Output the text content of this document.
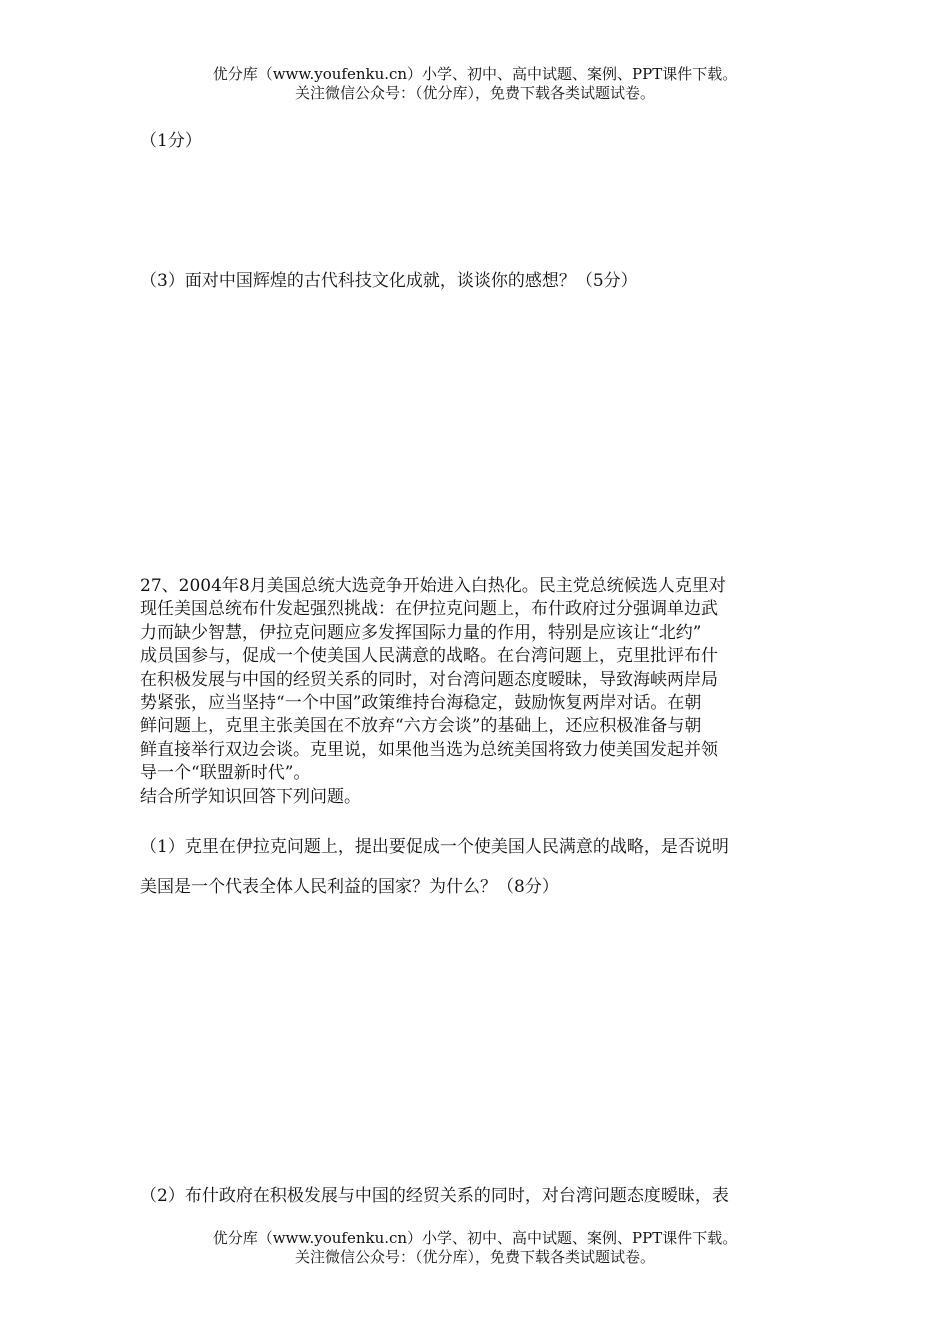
优分库（www.youfenku.cn）小学、初中、高中试题、案例、PPT课件下载。
关注微信公众号：（优分库），免费下载各类试题试卷。
（1分）
（3）面对中国辉煌的古代科技文化成就，谈谈你的感想？（5分）
27、2004年8月美国总统大选竞争开始进入白热化。民主党总统候选人克里对
现任美国总统布什发起强烈挑战：在伊拉克问题上，布什政府过分强调单边武
力而缺少智慧，伊拉克问题应多发挥国际力量的作用，特别是应该让“北约”
成员国参与，促成一个使美国人民满意的战略。在台湾问题上，克里批评布什
在积极发展与中国的经贸关系的同时，对台湾问题态度暧昧，导致海峡两岸局
势紧张，应当坚持“一个中国”政策维持台海稳定，鼓励恢复两岸对话。在朝
鲜问题上，克里主张美国在不放弃“六方会谈”的基础上，还应积极准备与朝
鲜直接举行双边会谈。克里说，如果他当选为总统美国将致力使美国发起并领
导一个“联盟新时代”。
结合所学知识回答下列问题。
（1）克里在伊拉克问题上，提出要促成一个使美国人民满意的战略，是否说明
美国是一个代表全体人民利益的国家？为什么？（8分）
（2）布什政府在积极发展与中国的经贸关系的同时，对台湾问题态度暧昧，表
优分库（www.youfenku.cn）小学、初中、高中试题、案例、PPT课件下载。
关注微信公众号：（优分库），免费下载各类试题试卷。
